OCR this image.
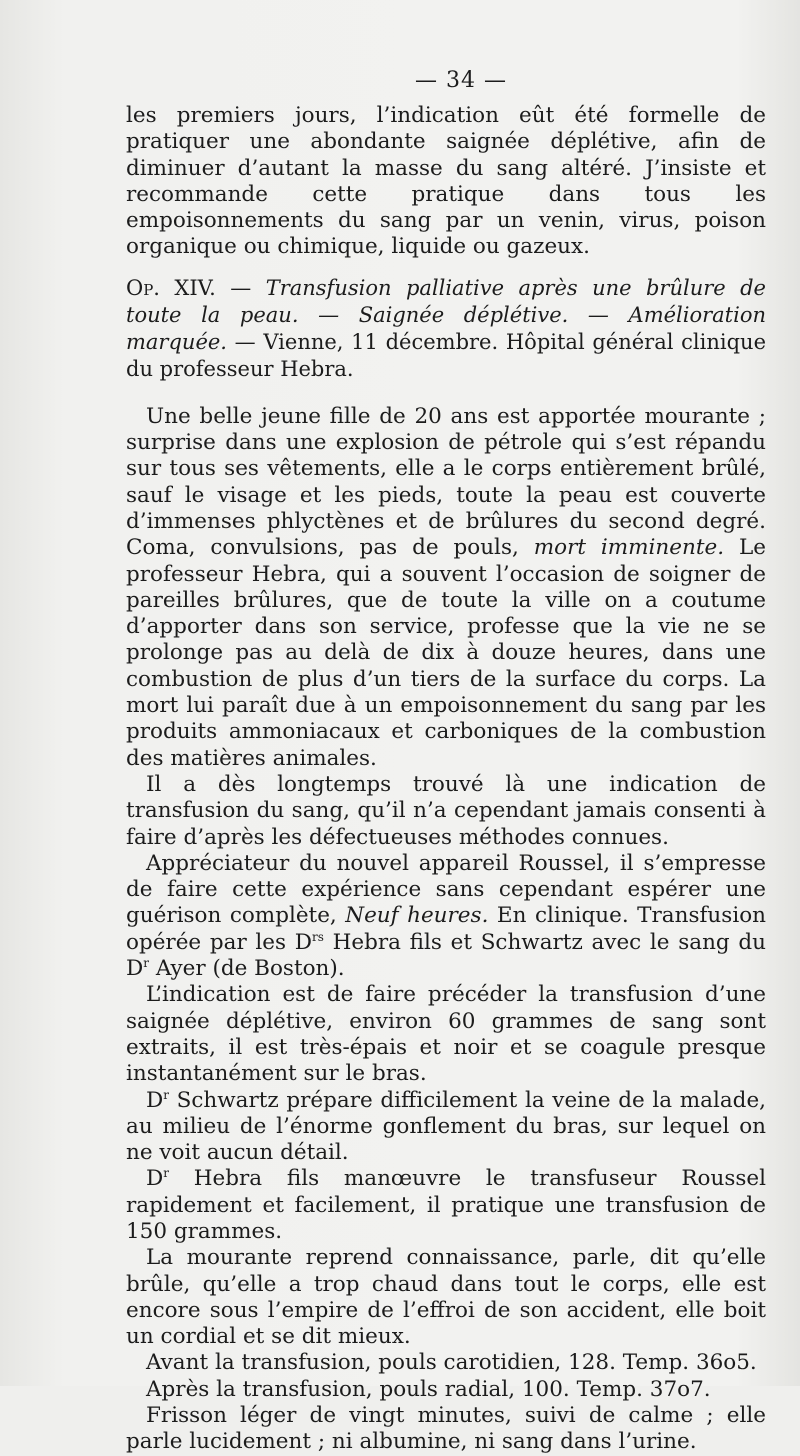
— 34 —

les premiers jours, l’indication eût été formelle de pratiquer une abondante saignée déplétive, afin de diminuer d’autant la masse du sang altéré. J’insiste et recommande cette pratique dans tous les empoisonnements du sang par un venin, virus, poison organique ou chimique, liquide ou gazeux.

Op. XIV. — Transfusion palliative après une brûlure de toute la peau. — Saignée déplétive. — Amélioration marquée. — Vienne, 11 décembre. Hôpital général clinique du professeur Hebra.

Une belle jeune fille de 20 ans est apportée mourante ; surprise dans une explosion de pétrole qui s’est répandu sur tous ses vêtements, elle a le corps entièrement brûlé, sauf le visage et les pieds, toute la peau est couverte d’immenses phlyctènes et de brûlures du second degré. Coma, convulsions, pas de pouls, mort imminente. Le professeur Hebra, qui a souvent l’occasion de soigner de pareilles brûlures, que de toute la ville on a coutume d’apporter dans son service, professe que la vie ne se prolonge pas au delà de dix à douze heures, dans une combustion de plus d’un tiers de la surface du corps. La mort lui paraît due à un empoisonnement du sang par les produits ammoniacaux et carboniques de la combustion des matières animales.

Il a dès longtemps trouvé là une indication de transfusion du sang, qu’il n’a cependant jamais consenti à faire d’après les défectueuses méthodes connues.

Appréciateur du nouvel appareil Roussel, il s’empresse de faire cette expérience sans cependant espérer une guérison complète, Neuf heures. En clinique. Transfusion opérée par les $D^{rs}$ Hebra fils et Schwartz avec le sang du $D^r$ Ayer (de Boston).

L’indication est de faire précéder la transfusion d’une saignée déplétive, environ 60 grammes de sang sont extraits, il est très-épais et noir et se coagule presque instantanément sur le bras.

$D^r$ Schwartz prépare difficilement la veine de la malade, au milieu de l’énorme gonflement du bras, sur lequel on ne voit aucun détail.

$D^r$ Hebra fils manœuvre le transfuseur Roussel rapidement et facilement, il pratique une transfusion de 150 grammes.

La mourante reprend connaissance, parle, dit qu’elle brûle, qu’elle a trop chaud dans tout le corps, elle est encore sous l’empire de l’effroi de son accident, elle boit un cordial et se dit mieux.

Avant la transfusion, pouls carotidien, 128. Temp. 36o5.

Après la transfusion, pouls radial, 100. Temp. 37o7.

Frisson léger de vingt minutes, suivi de calme ; elle parle lucidement ; ni albumine, ni sang dans l’urine.
